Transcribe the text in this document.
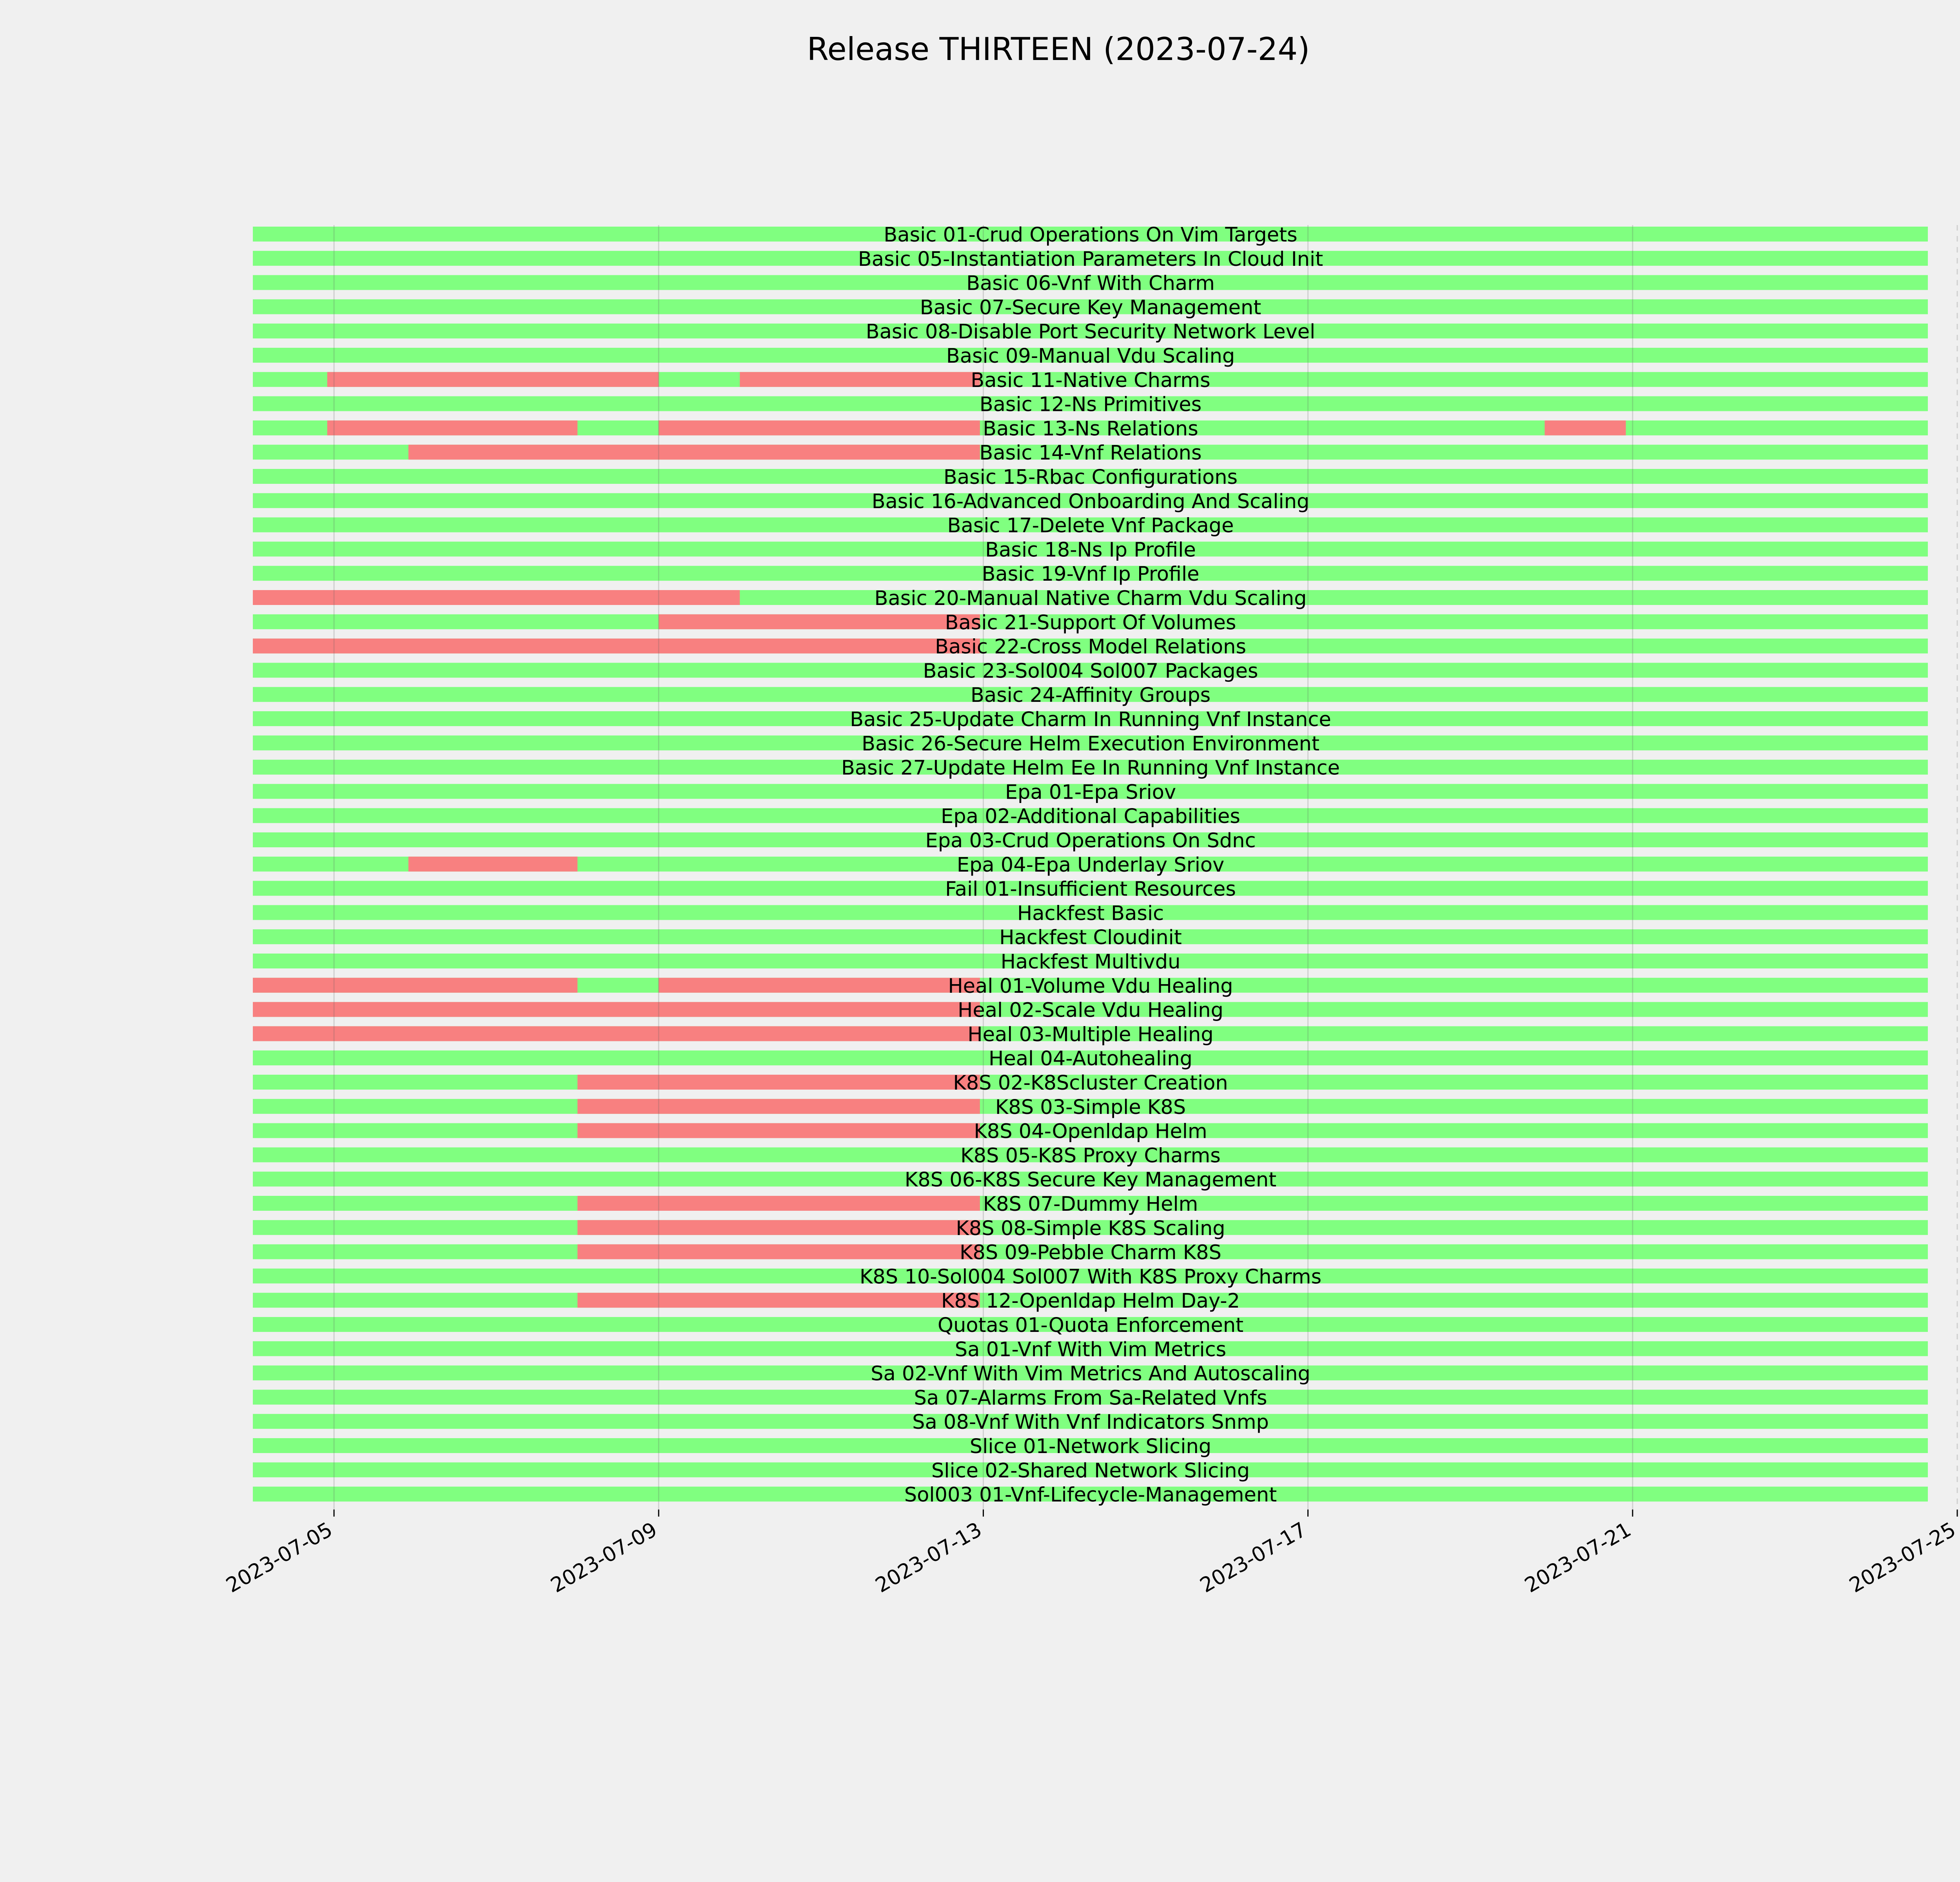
Release THIRTEEN (2023-07-24)
Basic 01-Crud Operations On Vim Targets
Basic 05-Instantiation Parameters In Cloud Init
Basic 06-Vnf With Charm
Basic 07-Secure Key Management
Basic 08-Disable Port Security Network Level
Basic 09-Manual Vdu Scaling
Basic 11-Native Charms
Basic 12-Ns Primitives
Basic 13-Ns Relations
Basic 14-Vnf Relations
Basic 15-Rbac Configurations
Basic 16-Advanced Onboarding And Scaling
Basic 17-Delete Vnf Package
Basic 18-Ns Ip Profile
Basic 19-Vnf Ip Profile
Basic 20-Manual Native Charm Vdu Scaling
Basic 21-Support Of Volumes
Basic 22-Cross Model Relations
Basic 23-Sol004 Sol007 Packages
Basic 24-Affinity Groups
Basic 25-Update Charm In Running Vnf Instance
Basic 26-Secure Helm Execution Environment
Basic 27-Update Helm Ee In Running Vnf Instance
Epa 01-Epa Sriov
Epa 02-Additional Capabilities
Epa 03-Crud Operations On Sdnc
Epa 04-Epa Underlay Sriov
Fail 01-Insufficient Resources
Hackfest Basic
Hackfest Cloudinit
Hackfest Multivdu
Heal 01-Volume Vdu Healing
Heal 02-Scale Vdu Healing
Heal 03-Multiple Healing
Heal 04-Autohealing
K8S 02-K8Scluster Creation
K8S 03-Simple K8S
K8S 04-Openldap Helm
K8S 05-K8S Proxy Charms
K8S 06-K8S Secure Key Management
K8S 07-Dummy Helm
K8S 08-Simple K8S Scaling
K8S 09-Pebble Charm K8S
K8S 10-Sol004 Sol007 With K8S Proxy Charms
K8S 12-Openldap Helm Day-2
Quotas 01-Quota Enforcement
Sa 01-Vnf With Vim Metrics
Sa 02-Vnf With Vim Metrics And Autoscaling
Sa 07-Alarms From Sa-Related Vnfs
Sa 08-Vnf With Vnf Indicators Snmp
Slice 01-Network Slicing
Slice 02-Shared Network Slicing
Sol003 01-Vnf-Lifecycle-Management
2023-07-05	2023-07-09	2023-07-13	2023-07-17	2023-07-21	2023-07-25
